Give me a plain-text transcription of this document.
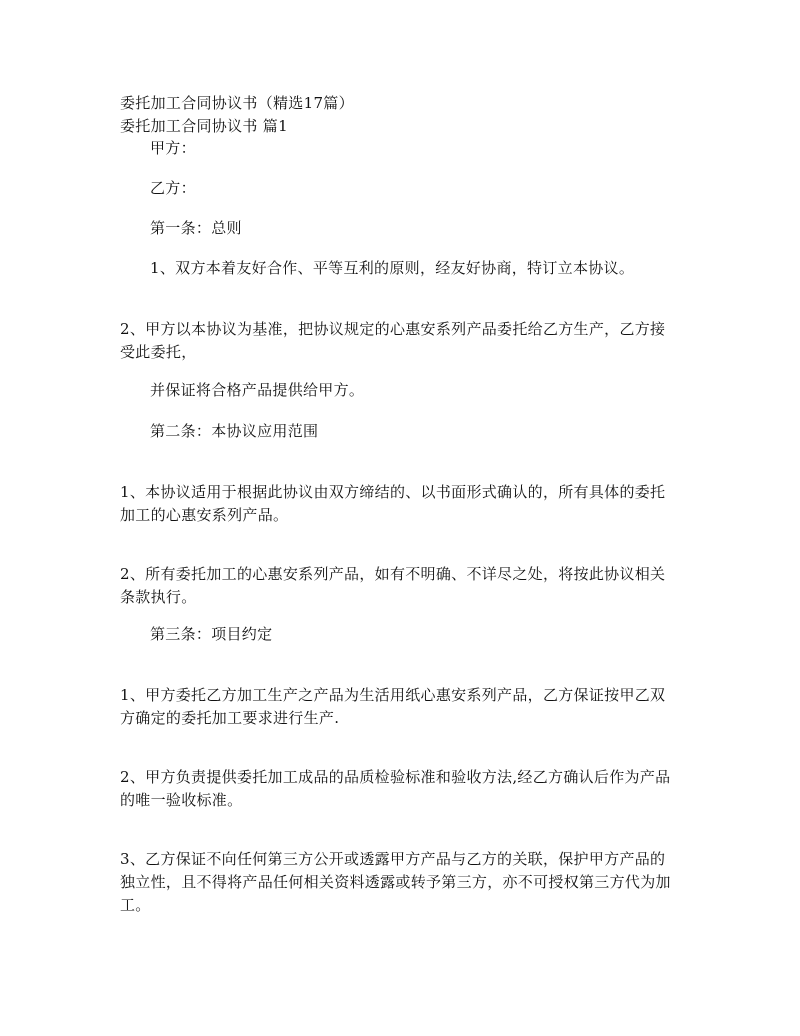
委托加工合同协议书（精选17篇）
委托加工合同协议书 篇1
甲方：
乙方：
第一条：总则
1、双方本着友好合作、平等互利的原则，经友好协商，特订立本协议。
2、甲方以本协议为基准，把协议规定的心惠安系列产品委托给乙方生产，乙方接
受此委托，
并保证将合格产品提供给甲方。
第二条：本协议应用范围
1、本协议适用于根据此协议由双方缔结的、以书面形式确认的，所有具体的委托
加工的心惠安系列产品。
2、所有委托加工的心惠安系列产品，如有不明确、不详尽之处，将按此协议相关
条款执行。
第三条：项目约定
1、甲方委托乙方加工生产之产品为生活用纸心惠安系列产品，乙方保证按甲乙双
方确定的委托加工要求进行生产.
2、甲方负责提供委托加工成品的品质检验标准和验收方法,经乙方确认后作为产品
的唯一验收标准。
3、乙方保证不向任何第三方公开或透露甲方产品与乙方的关联，保护甲方产品的
独立性，且不得将产品任何相关资料透露或转予第三方，亦不可授权第三方代为加
工。
